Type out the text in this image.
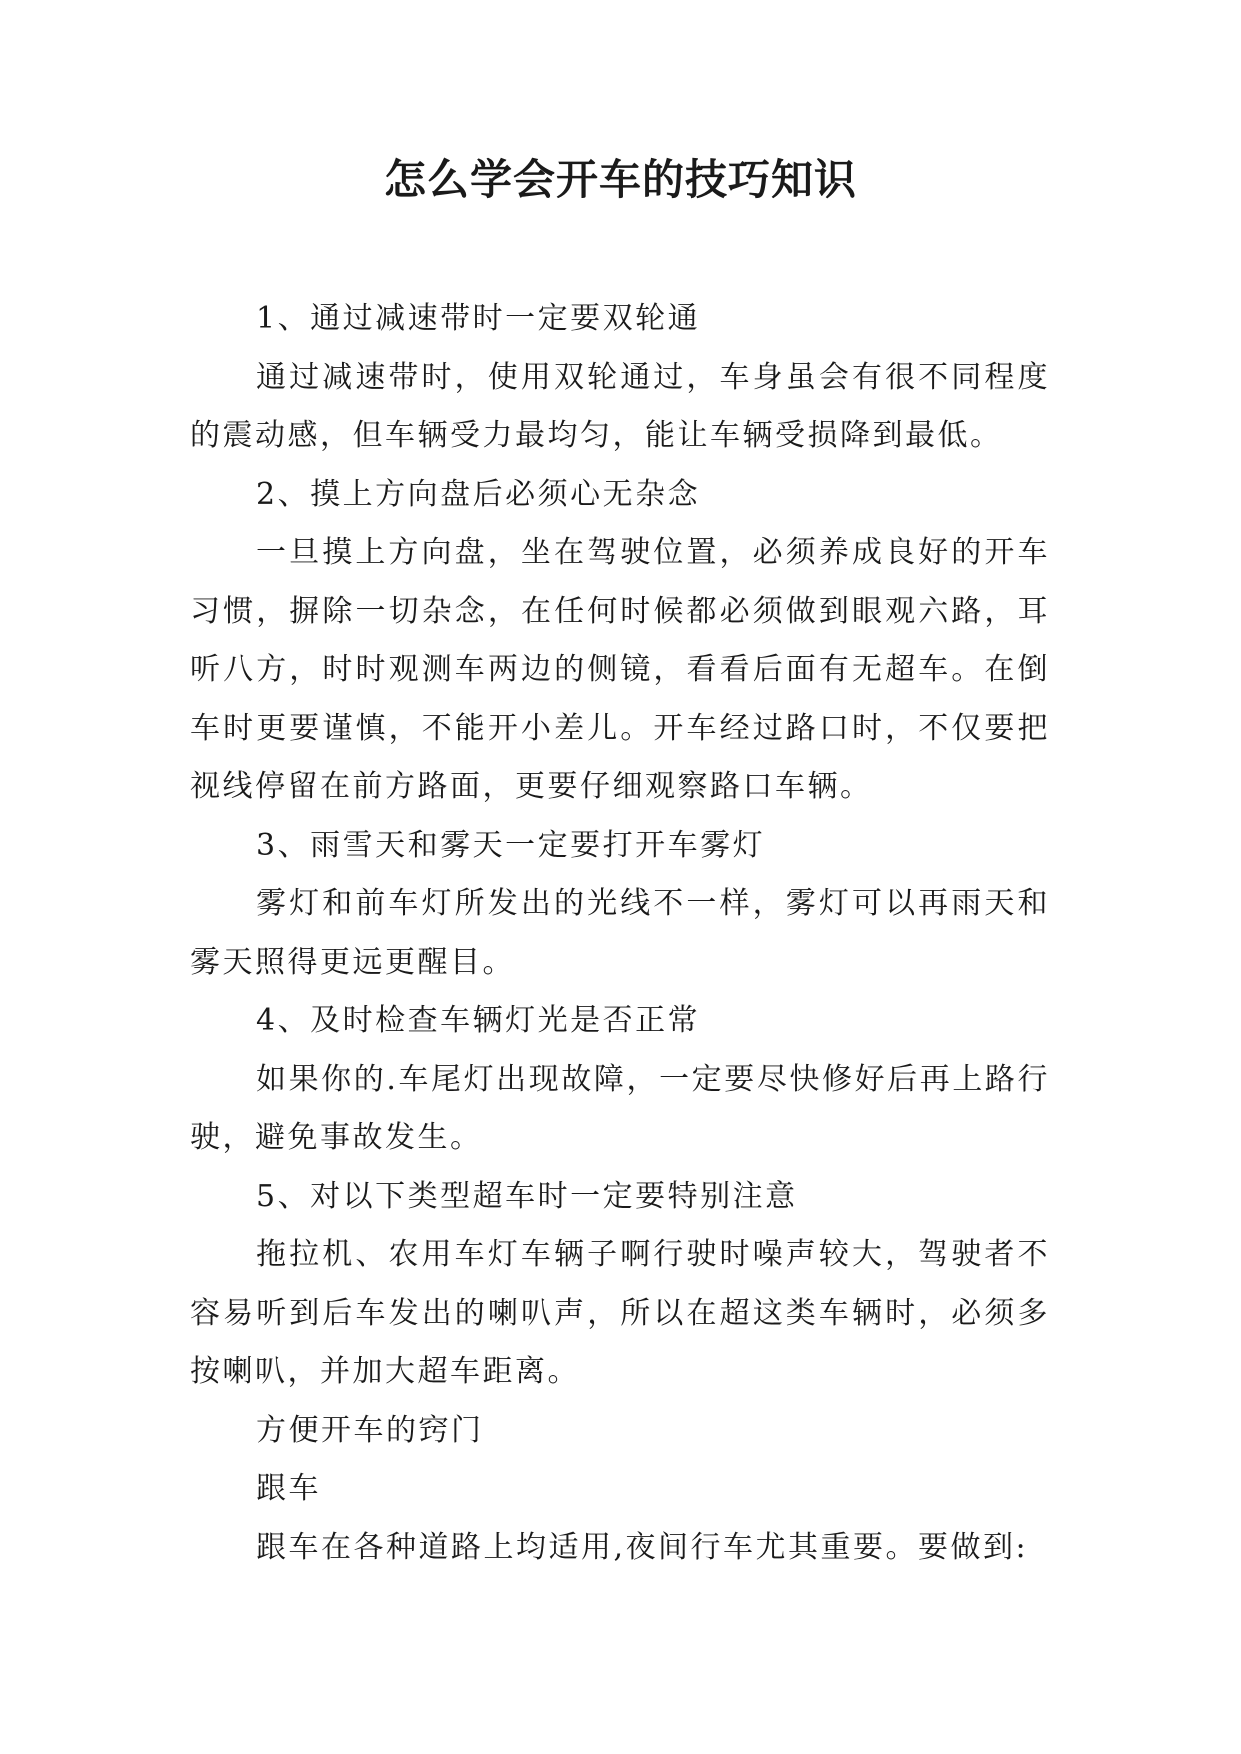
怎么学会开车的技巧知识

1、通过减速带时一定要双轮通

通过减速带时，使用双轮通过，车身虽会有很不同程度的震动感，但车辆受力最均匀，能让车辆受损降到最低。

2、摸上方向盘后必须心无杂念

一旦摸上方向盘，坐在驾驶位置，必须养成良好的开车习惯，摒除一切杂念，在任何时候都必须做到眼观六路，耳听八方，时时观测车两边的侧镜，看看后面有无超车。在倒车时更要谨慎，不能开小差儿。开车经过路口时，不仅要把视线停留在前方路面，更要仔细观察路口车辆。

3、雨雪天和雾天一定要打开车雾灯

雾灯和前车灯所发出的光线不一样，雾灯可以再雨天和雾天照得更远更醒目。

4、及时检查车辆灯光是否正常

如果你的.车尾灯出现故障，一定要尽快修好后再上路行驶，避免事故发生。

5、对以下类型超车时一定要特别注意

拖拉机、农用车灯车辆子啊行驶时噪声较大，驾驶者不容易听到后车发出的喇叭声，所以在超这类车辆时，必须多按喇叭，并加大超车距离。

方便开车的窍门

跟车

跟车在各种道路上均适用,夜间行车尤其重要。要做到:
